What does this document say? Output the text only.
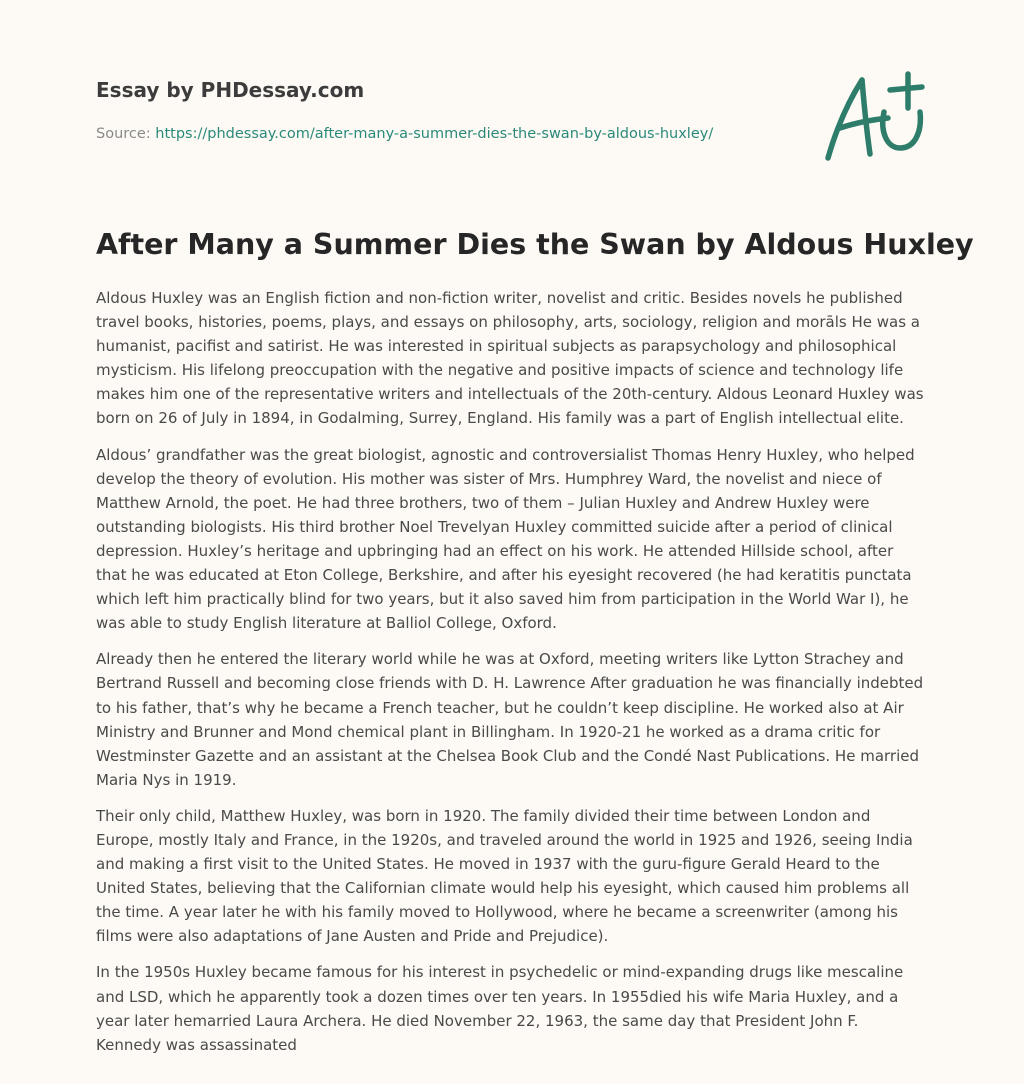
Essay by PHDessay.com
Source: https://phdessay.com/after-many-a-summer-dies-the-swan-by-aldous-huxley/
After Many a Summer Dies the Swan by Aldous Huxley

Aldous Huxley was an English fiction and non-fiction writer, novelist and critic. Besides novels he published travel books, histories, poems, plays, and essays on philosophy, arts, sociology, religion and morāls He was a humanist, pacifist and satirist. He was interested in spiritual subjects as parapsychology and philosophical mysticism. His lifelong preoccupation with the negative and positive impacts of science and technology life makes him one of the representative writers and intellectuals of the 20th-century. Aldous Leonard Huxley was born on 26 of July in 1894, in Godalming, Surrey, England. His family was a part of English intellectual elite.

Aldous’ grandfather was the great biologist, agnostic and controversialist Thomas Henry Huxley, who helped develop the theory of evolution. His mother was sister of Mrs. Humphrey Ward, the novelist and niece of Matthew Arnold, the poet. He had three brothers, two of them – Julian Huxley and Andrew Huxley were outstanding biologists. His third brother Noel Trevelyan Huxley committed suicide after a period of clinical depression. Huxley’s heritage and upbringing had an effect on his work. He attended Hillside school, after that he was educated at Eton College, Berkshire, and after his eyesight recovered (he had keratitis punctata which left him practically blind for two years, but it also saved him from participation in the World War I), he was able to study English literature at Balliol College, Oxford.

Already then he entered the literary world while he was at Oxford, meeting writers like Lytton Strachey and Bertrand Russell and becoming close friends with D. H. Lawrence After graduation he was financially indebted to his father, that’s why he became a French teacher, but he couldn’t keep discipline. He worked also at Air Ministry and Brunner and Mond chemical plant in Billingham. In 1920-21 he worked as a drama critic for Westminster Gazette and an assistant at the Chelsea Book Club and the Condé Nast Publications. He married Maria Nys in 1919.

Their only child, Matthew Huxley, was born in 1920. The family divided their time between London and Europe, mostly Italy and France, in the 1920s, and traveled around the world in 1925 and 1926, seeing India and making a first visit to the United States. He moved in 1937 with the guru-figure Gerald Heard to the United States, believing that the Californian climate would help his eyesight, which caused him problems all the time. A year later he with his family moved to Hollywood, where he became a screenwriter (among his films were also adaptations of Jane Austen and Pride and Prejudice).

In the 1950s Huxley became famous for his interest in psychedelic or mind-expanding drugs like mescaline and LSD, which he apparently took a dozen times over ten years. In 1955died his wife Maria Huxley, and a year later hemarried Laura Archera. He died November 22, 1963, the same day that President John F. Kennedy was assassinated
